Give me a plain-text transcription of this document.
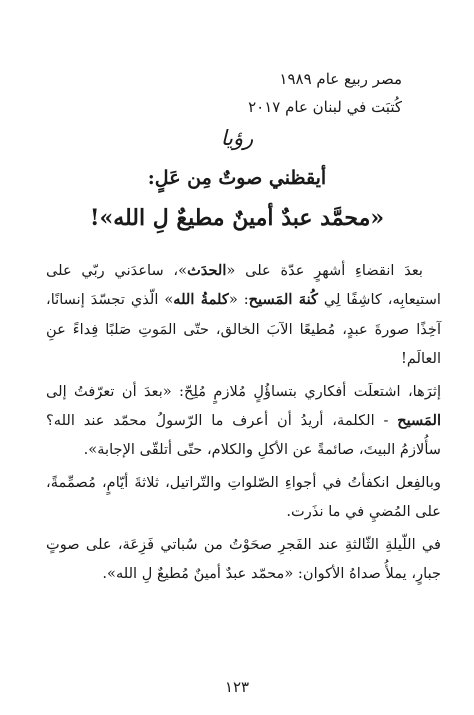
مصر ربيع عام ١٩٨٩
كُتبَت في لبنان عام ٢٠١٧
رؤيا
أيقظني صوتٌ مِن عَلٍ:
«محمَّد عبدٌ أمينٌ مطيعٌ لِ الله»!

بعدَ انقضاءِ أشهرٍ عدّة على «الحدَث»، ساعدَني ربّي على استيعابِه، كاشِفًا لِي كُنهَ المَسيح: «كلمةُ الله» الّذي تجسّدَ إنسانًا، آخِذًا صورةَ عبدٍ، مُطيعًا الآبَ الخالق، حتّى المَوتِ صَلبًا فِداءً عنِ العالَم!

إثرَها، اشتعلَت أفكاري بتساؤُلٍ مُلازمٍ مُلِحّ: «بعدَ أن تعرّفتُ إلى المَسيح - الكلمة، أريدُ أن أعرف ما الرّسولُ محمّد عند الله؟ سأُلازمُ البيتَ، صائمةً عن الأكلِ والكلام، حتّى أتلقّى الإجابة».

وبالفِعل انكفأتُ في أجواءِ الصّلواتِ والتّراتيل، ثلاثةَ أيّامٍ، مُصمِّمةً، على المُضيِ في ما نذَرت.

في اللّيلةِ الثّالثةِ عند الفَجرِ صحَوْتُ من سُباتي فَزِعَة، على صوتٍ جبارٍ، يملأُ صداهُ الأكوان: «محمّد عبدٌ أمينٌ مُطيعٌ لِ الله».

١٢٣
